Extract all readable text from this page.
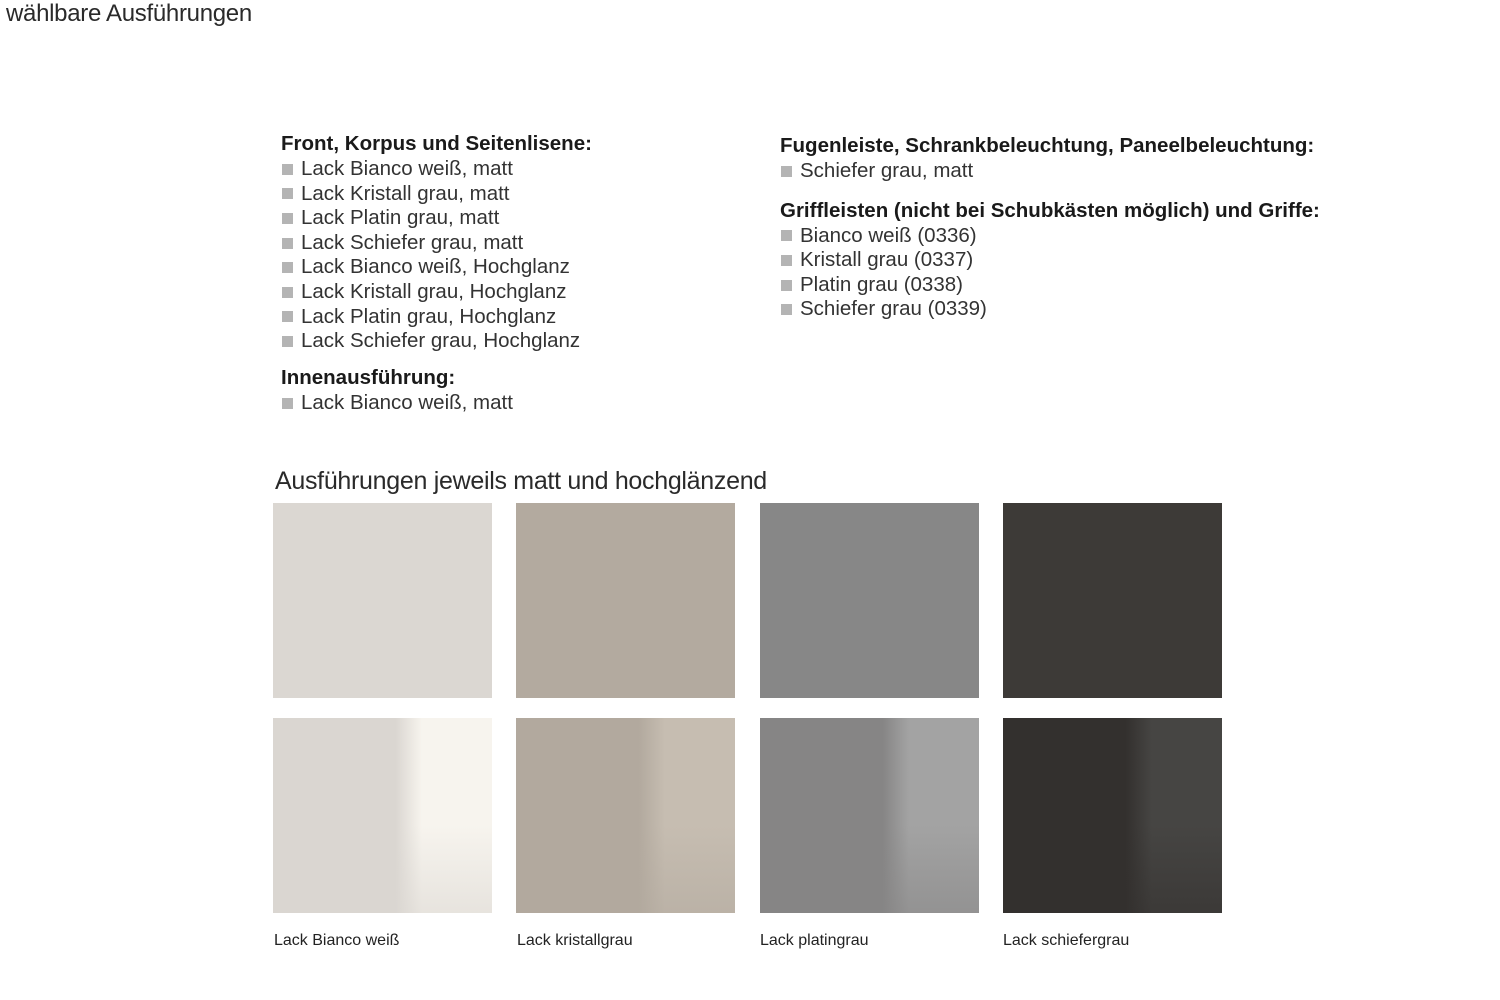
wählbare Ausführungen
Front, Korpus und Seitenlisene:
Lack Bianco weiß, matt
Lack Kristall grau, matt
Lack Platin grau, matt
Lack Schiefer grau, matt
Lack Bianco weiß, Hochglanz
Lack Kristall grau, Hochglanz
Lack Platin grau, Hochglanz
Lack Schiefer grau, Hochglanz
Innenausführung:
Lack Bianco weiß, matt
Fugenleiste, Schrankbeleuchtung, Paneelbeleuchtung:
Schiefer grau, matt
Griffleisten (nicht bei Schubkästen möglich) und Griffe:
Bianco weiß (0336)
Kristall grau (0337)
Platin grau (0338)
Schiefer grau (0339)
Ausführungen jeweils matt und hochglänzend
Lack Bianco weiß	Lack kristallgrau	Lack platingrau	Lack schiefergrau
